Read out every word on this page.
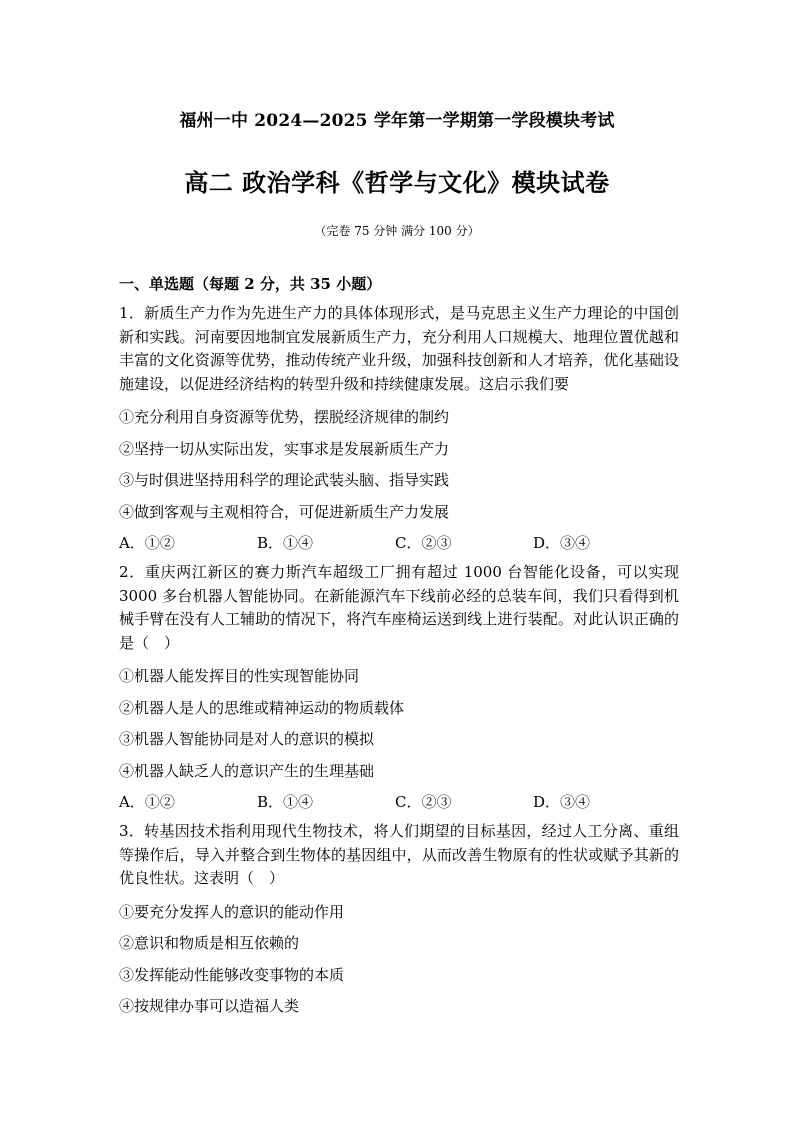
福州一中 2024—2025 学年第一学期第一学段模块考试
高二 政治学科《哲学与文化》模块试卷
（完卷 75 分钟 满分 100 分）
一、单选题（每题 2 分，共 35 小题）
1．新质生产力作为先进生产力的具体体现形式，是马克思主义生产力理论的中国创新和实践。河南要因地制宜发展新质生产力，充分利用人口规模大、地理位置优越和丰富的文化资源等优势，推动传统产业升级，加强科技创新和人才培养，优化基础设施建设，以促进经济结构的转型升级和持续健康发展。这启示我们要
①充分利用自身资源等优势，摆脱经济规律的制约
②坚持一切从实际出发，实事求是发展新质生产力
③与时俱进坚持用科学的理论武装头脑、指导实践
④做到客观与主观相符合，可促进新质生产力发展
A．①②	B．①④	C．②③	D．③④
2．重庆两江新区的赛力斯汽车超级工厂拥有超过 1000 台智能化设备，可以实现 3000 多台机器人智能协同。在新能源汽车下线前必经的总装车间，我们只看得到机械手臂在没有人工辅助的情况下，将汽车座椅运送到线上进行装配。对此认识正确的是（　）
①机器人能发挥目的性实现智能协同
②机器人是人的思维或精神运动的物质载体
③机器人智能协同是对人的意识的模拟
④机器人缺乏人的意识产生的生理基础
A．①②	B．①④	C．②③	D．③④
3．转基因技术指利用现代生物技术，将人们期望的目标基因，经过人工分离、重组等操作后，导入并整合到生物体的基因组中，从而改善生物原有的性状或赋予其新的优良性状。这表明（　）
①要充分发挥人的意识的能动作用
②意识和物质是相互依赖的
③发挥能动性能够改变事物的本质
④按规律办事可以造福人类
